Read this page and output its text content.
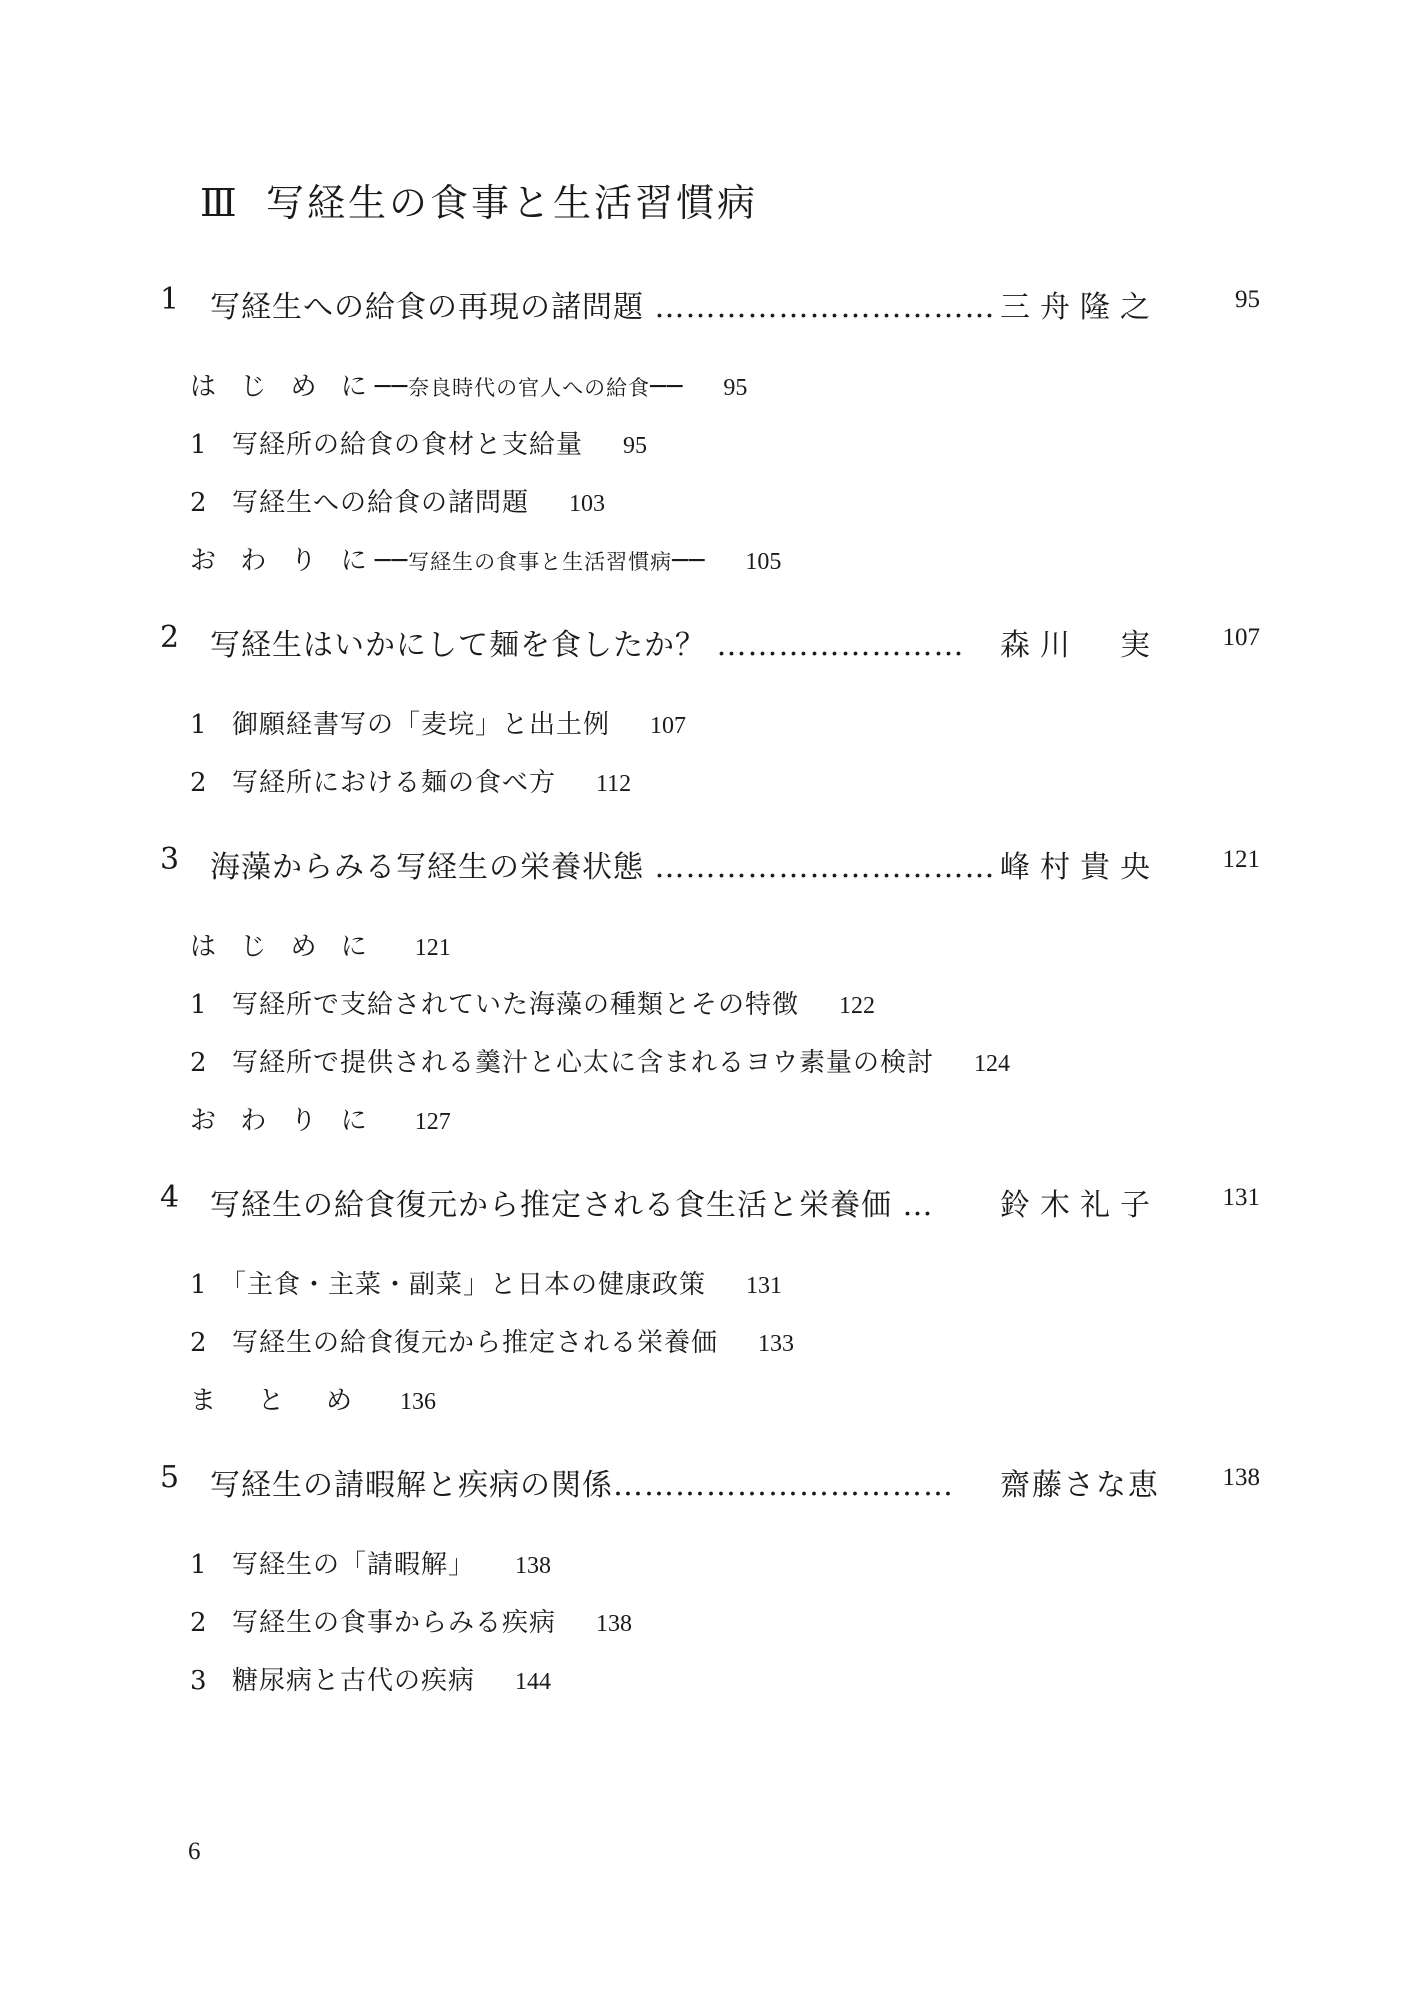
Ⅲ 写経生の食事と生活習慣病
1 写経生への給食の再現の諸問題 …………………………… 三舟隆之	95
は じ め に──奈良時代の官人への給食── 95
1 写経所の給食の食材と支給量 95
2 写経生への給食の諸問題 103
お わ り に──写経生の食事と生活習慣病── 105
2 写経生はいかにして麺を食したか？ …………………… 森川　実	107
1 御願経書写の「麦垸」と出土例 107
2 写経所における麺の食べ方 112
3 海藻からみる写経生の栄養状態 …………………………… 峰村貴央	121
は じ め に 121
1 写経所で支給されていた海藻の種類とその特徴 122
2 写経所で提供される羹汁と心太に含まれるヨウ素量の検討 124
お わ り に 127
4 写経生の給食復元から推定される食生活と栄養価 … 鈴木礼子	131
1 「主食・主菜・副菜」と日本の健康政策 131
2 写経生の給食復元から推定される栄養価 133
ま　と　め 136
5 写経生の請暇解と疾病の関係…………………………… 齋藤さな恵	138
1 写経生の「請暇解」 138
2 写経生の食事からみる疾病 138
3 糖尿病と古代の疾病 144
6
